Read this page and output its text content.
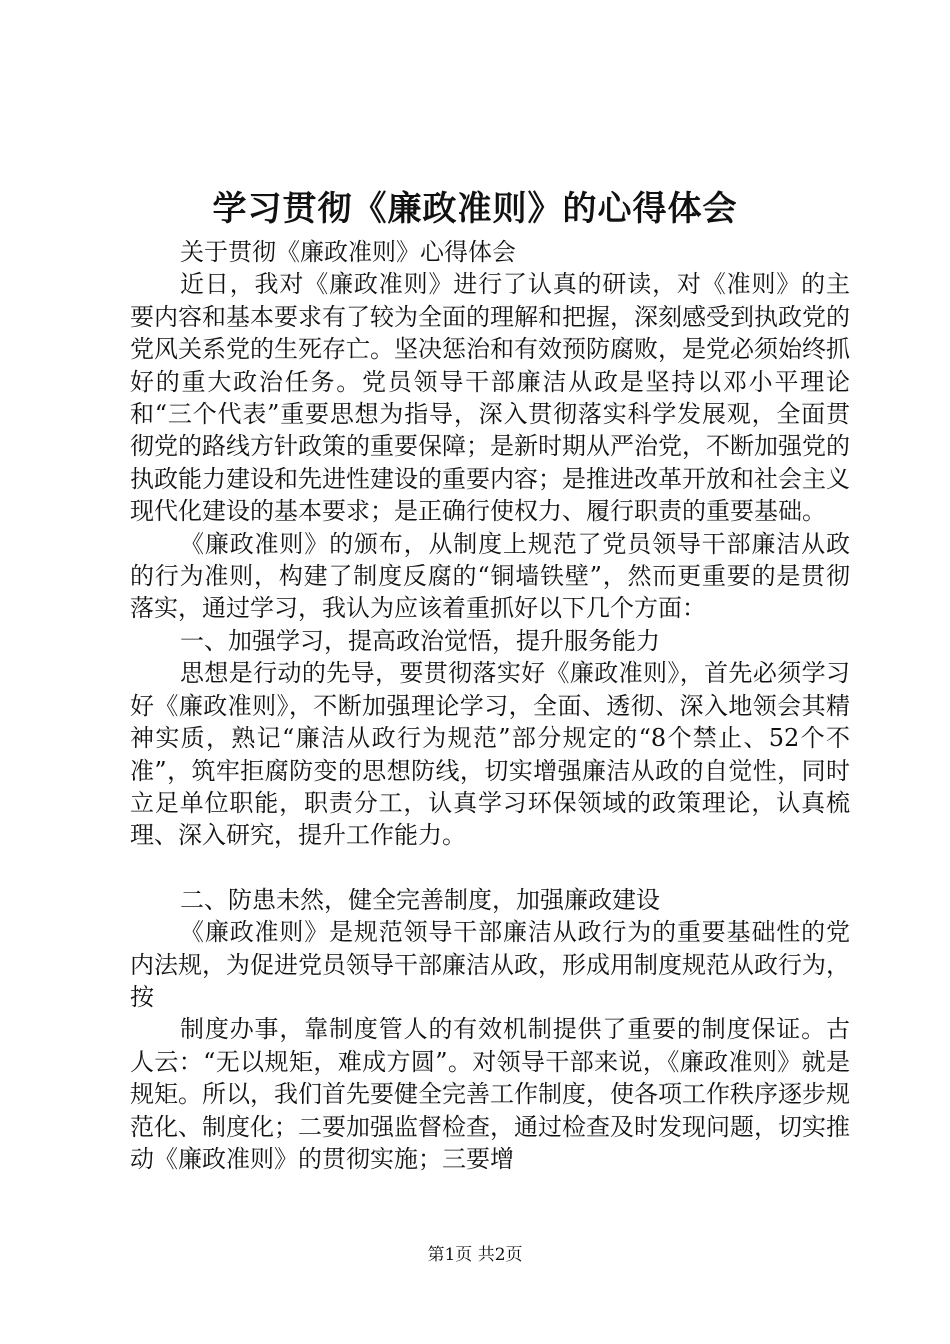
学习贯彻《廉政准则》的心得体会

关于贯彻《廉政准则》心得体会

近日，我对《廉政准则》进行了认真的研读，对《准则》的主要内容和基本要求有了较为全面的理解和把握，深刻感受到执政党的党风关系党的生死存亡。坚决惩治和有效预防腐败，是党必须始终抓好的重大政治任务。党员领导干部廉洁从政是坚持以邓小平理论和“三个代表”重要思想为指导，深入贯彻落实科学发展观，全面贯彻党的路线方针政策的重要保障；是新时期从严治党，不断加强党的执政能力建设和先进性建设的重要内容；是推进改革开放和社会主义现代化建设的基本要求；是正确行使权力、履行职责的重要基础。

《廉政准则》的颁布，从制度上规范了党员领导干部廉洁从政的行为准则，构建了制度反腐的“铜墙铁壁”，然而更重要的是贯彻落实，通过学习，我认为应该着重抓好以下几个方面：

一、加强学习，提高政治觉悟，提升服务能力

思想是行动的先导，要贯彻落实好《廉政准则》，首先必须学习好《廉政准则》，不断加强理论学习，全面、透彻、深入地领会其精神实质，熟记“廉洁从政行为规范”部分规定的“8个禁止、52个不准”，筑牢拒腐防变的思想防线，切实增强廉洁从政的自觉性，同时立足单位职能，职责分工，认真学习环保领域的政策理论，认真梳理、深入研究，提升工作能力。

二、防患未然，健全完善制度，加强廉政建设

《廉政准则》是规范领导干部廉洁从政行为的重要基础性的党内法规，为促进党员领导干部廉洁从政，形成用制度规范从政行为，按

制度办事，靠制度管人的有效机制提供了重要的制度保证。古人云：“无以规矩，难成方圆”。对领导干部来说，《廉政准则》就是规矩。所以，我们首先要健全完善工作制度，使各项工作秩序逐步规范化、制度化；二要加强监督检查，通过检查及时发现问题，切实推动《廉政准则》的贯彻实施；三要增

第1页 共2页
